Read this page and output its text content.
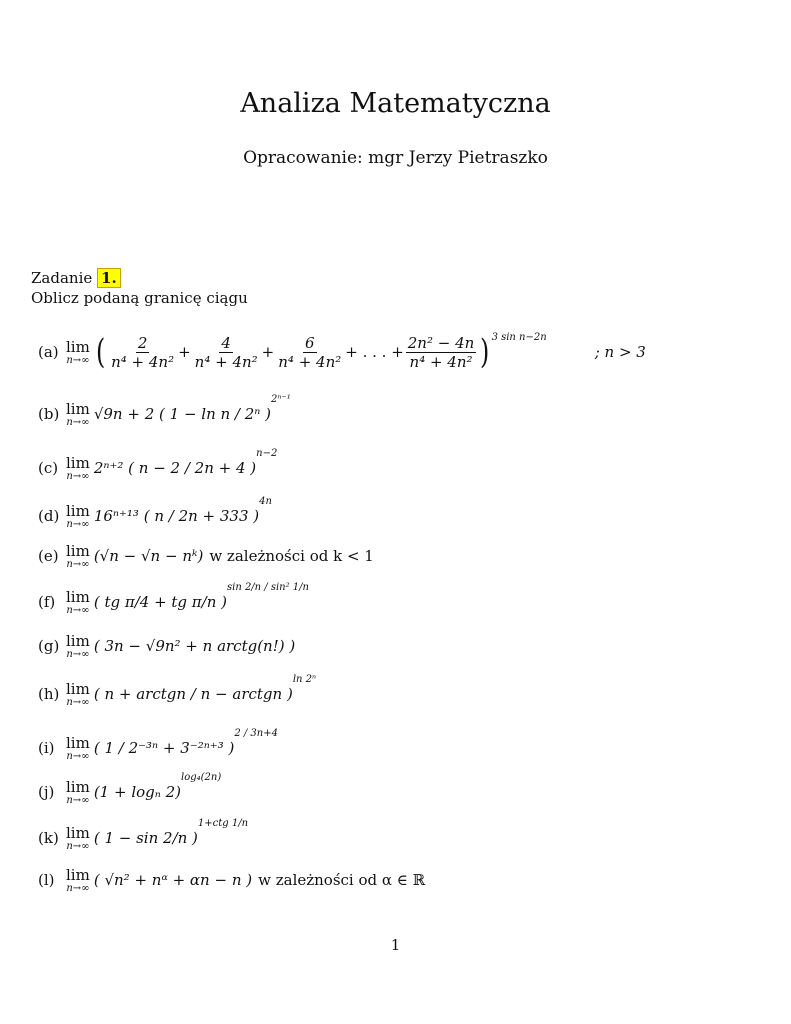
Analiza Matematyczna
Opracowanie: mgr Jerzy Pietraszko
Zadanie 1.
Oblicz podaną granicę ciągu
(a) lim
n→∞ ( $\frac{2}{\text{n⁴ + 4n²}} + \frac{4}{\text{n⁴ + 4n²}} + \frac{6}{\text{n⁴ + 4n²}}$ + . . . + $\frac{\text{2n² − 4n}}{\text{n⁴ + 4n²}} )^{3 sin n-2n}$
; n > 3
(b) lim
n→∞ √9n + 2 ( 1 − ln n / 2ⁿ )
2ⁿ⁻¹
(c) lim
n→∞ 2ⁿ⁺² ( n − 2 / 2n + 4 )
n−2
(d) lim
n→∞ 16ⁿ⁺¹³ ( n / 2n + 333 )
4n
(e) lim
n→∞ (√n − √n − nᵏ) w zależności od k < 1
(f) lim
n→∞ ( tg π/4 + tg π/n )
sin 2/n / sin² 1/n
(g) lim
n→∞ ( 3n − √9n² + n arctg(n!) )
(h) lim
n→∞ ( n + arctgn / n − arctgn )
ln 2ⁿ
(i) lim
n→∞ ( 1 / 2⁻³ⁿ + 3⁻²ⁿ⁺³ )
2 / 3n+4
(j) lim
n→∞ (1 + logₙ 2)
log₄(2n)
(k) lim
n→∞ ( 1 − sin 2/n )
1+ctg 1/n
(l) lim
n→∞ ( √n² + nᵅ + αn − n ) w zależności od α ∈ ℝ
1
